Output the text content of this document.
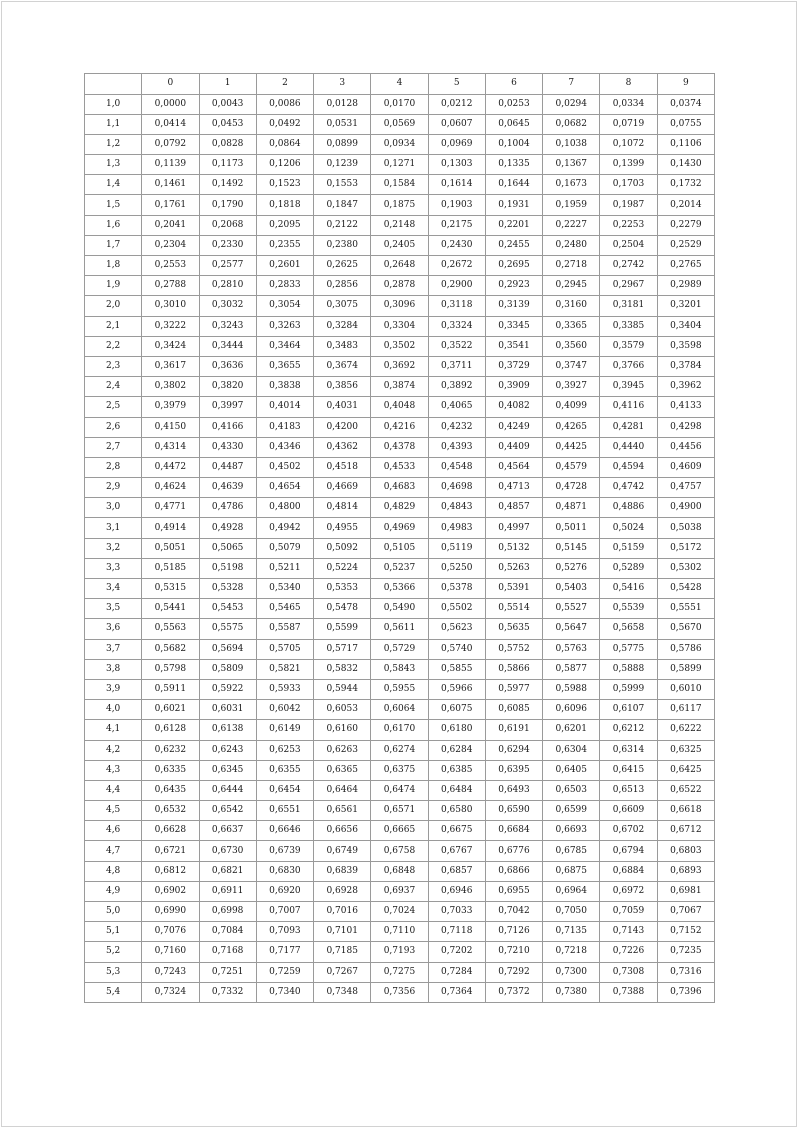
	0	1	2	3	4	5	6	7	8	9
1,0	0,0000	0,0043	0,0086	0,0128	0,0170	0,0212	0,0253	0,0294	0,0334	0,0374
1,1	0,0414	0,0453	0,0492	0,0531	0,0569	0,0607	0,0645	0,0682	0,0719	0,0755
1,2	0,0792	0,0828	0,0864	0,0899	0,0934	0,0969	0,1004	0,1038	0,1072	0,1106
1,3	0,1139	0,1173	0,1206	0,1239	0,1271	0,1303	0,1335	0,1367	0,1399	0,1430
1,4	0,1461	0,1492	0,1523	0,1553	0,1584	0,1614	0,1644	0,1673	0,1703	0,1732
1,5	0,1761	0,1790	0,1818	0,1847	0,1875	0,1903	0,1931	0,1959	0,1987	0,2014
1,6	0,2041	0,2068	0,2095	0,2122	0,2148	0,2175	0,2201	0,2227	0,2253	0,2279
1,7	0,2304	0,2330	0,2355	0,2380	0,2405	0,2430	0,2455	0,2480	0,2504	0,2529
1,8	0,2553	0,2577	0,2601	0,2625	0,2648	0,2672	0,2695	0,2718	0,2742	0,2765
1,9	0,2788	0,2810	0,2833	0,2856	0,2878	0,2900	0,2923	0,2945	0,2967	0,2989
2,0	0,3010	0,3032	0,3054	0,3075	0,3096	0,3118	0,3139	0,3160	0,3181	0,3201
2,1	0,3222	0,3243	0,3263	0,3284	0,3304	0,3324	0,3345	0,3365	0,3385	0,3404
2,2	0,3424	0,3444	0,3464	0,3483	0,3502	0,3522	0,3541	0,3560	0,3579	0,3598
2,3	0,3617	0,3636	0,3655	0,3674	0,3692	0,3711	0,3729	0,3747	0,3766	0,3784
2,4	0,3802	0,3820	0,3838	0,3856	0,3874	0,3892	0,3909	0,3927	0,3945	0,3962
2,5	0,3979	0,3997	0,4014	0,4031	0,4048	0,4065	0,4082	0,4099	0,4116	0,4133
2,6	0,4150	0,4166	0,4183	0,4200	0,4216	0,4232	0,4249	0,4265	0,4281	0,4298
2,7	0,4314	0,4330	0,4346	0,4362	0,4378	0,4393	0,4409	0,4425	0,4440	0,4456
2,8	0,4472	0,4487	0,4502	0,4518	0,4533	0,4548	0,4564	0,4579	0,4594	0,4609
2,9	0,4624	0,4639	0,4654	0,4669	0,4683	0,4698	0,4713	0,4728	0,4742	0,4757
3,0	0,4771	0,4786	0,4800	0,4814	0,4829	0,4843	0,4857	0,4871	0,4886	0,4900
3,1	0,4914	0,4928	0,4942	0,4955	0,4969	0,4983	0,4997	0,5011	0,5024	0,5038
3,2	0,5051	0,5065	0,5079	0,5092	0,5105	0,5119	0,5132	0,5145	0,5159	0,5172
3,3	0,5185	0,5198	0,5211	0,5224	0,5237	0,5250	0,5263	0,5276	0,5289	0,5302
3,4	0,5315	0,5328	0,5340	0,5353	0,5366	0,5378	0,5391	0,5403	0,5416	0,5428
3,5	0,5441	0,5453	0,5465	0,5478	0,5490	0,5502	0,5514	0,5527	0,5539	0,5551
3,6	0,5563	0,5575	0,5587	0,5599	0,5611	0,5623	0,5635	0,5647	0,5658	0,5670
3,7	0,5682	0,5694	0,5705	0,5717	0,5729	0,5740	0,5752	0,5763	0,5775	0,5786
3,8	0,5798	0,5809	0,5821	0,5832	0,5843	0,5855	0,5866	0,5877	0,5888	0,5899
3,9	0,5911	0,5922	0,5933	0,5944	0,5955	0,5966	0,5977	0,5988	0,5999	0,6010
4,0	0,6021	0,6031	0,6042	0,6053	0,6064	0,6075	0,6085	0,6096	0,6107	0,6117
4,1	0,6128	0,6138	0,6149	0,6160	0,6170	0,6180	0,6191	0,6201	0,6212	0,6222
4,2	0,6232	0,6243	0,6253	0,6263	0,6274	0,6284	0,6294	0,6304	0,6314	0,6325
4,3	0,6335	0,6345	0,6355	0,6365	0,6375	0,6385	0,6395	0,6405	0,6415	0,6425
4,4	0,6435	0,6444	0,6454	0,6464	0,6474	0,6484	0,6493	0,6503	0,6513	0,6522
4,5	0,6532	0,6542	0,6551	0,6561	0,6571	0,6580	0,6590	0,6599	0,6609	0,6618
4,6	0,6628	0,6637	0,6646	0,6656	0,6665	0,6675	0,6684	0,6693	0,6702	0,6712
4,7	0,6721	0,6730	0,6739	0,6749	0,6758	0,6767	0,6776	0,6785	0,6794	0,6803
4,8	0,6812	0,6821	0,6830	0,6839	0,6848	0,6857	0,6866	0,6875	0,6884	0,6893
4,9	0,6902	0,6911	0,6920	0,6928	0,6937	0,6946	0,6955	0,6964	0,6972	0,6981
5,0	0,6990	0,6998	0,7007	0,7016	0,7024	0,7033	0,7042	0,7050	0,7059	0,7067
5,1	0,7076	0,7084	0,7093	0,7101	0,7110	0,7118	0,7126	0,7135	0,7143	0,7152
5,2	0,7160	0,7168	0,7177	0,7185	0,7193	0,7202	0,7210	0,7218	0,7226	0,7235
5,3	0,7243	0,7251	0,7259	0,7267	0,7275	0,7284	0,7292	0,7300	0,7308	0,7316
5,4	0,7324	0,7332	0,7340	0,7348	0,7356	0,7364	0,7372	0,7380	0,7388	0,7396
